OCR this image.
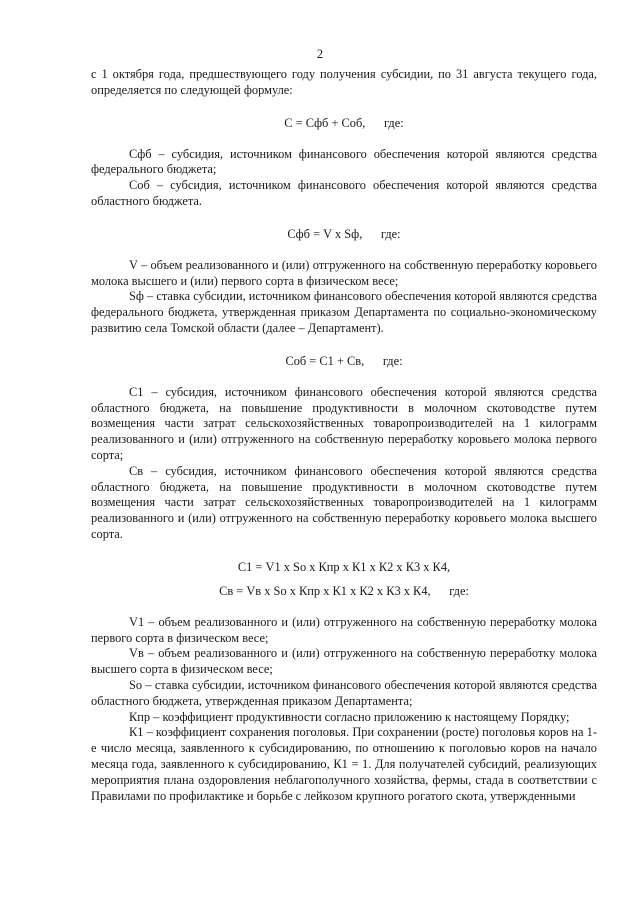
2

с 1 октября года, предшествующего году получения субсидии, по 31 августа текущего года, определяется по следующей формуле:

С = Сфб + Соб,      где:

Сфб – субсидия, источником финансового обеспечения которой являются средства федерального бюджета;

Соб – субсидия, источником финансового обеспечения которой являются средства областного бюджета.

Сфб = V x Sф,      где:

V – объем реализованного и (или) отгруженного на собственную переработку коровьего молока высшего и (или) первого сорта в физическом весе;

Sф – ставка субсидии, источником финансового обеспечения которой являются средства федерального бюджета, утвержденная приказом Департамента по социально-экономическому развитию села Томской области (далее – Департамент).

Соб = С1 + Св,      где:

С1 – субсидия, источником финансового обеспечения которой являются средства областного бюджета, на повышение продуктивности в молочном скотоводстве путем возмещения части затрат сельскохозяйственных товаропроизводителей на 1 килограмм реализованного и (или) отгруженного на собственную переработку коровьего молока первого сорта;

Св – субсидия, источником финансового обеспечения которой являются средства областного бюджета, на повышение продуктивности в молочном скотоводстве путем возмещения части затрат сельскохозяйственных товаропроизводителей на 1 килограмм реализованного и (или) отгруженного на собственную переработку коровьего молока высшего сорта.

С1 = V1 x So x Кпр x К1 x К2 x К3 x К4,

Св = Vв x So x Кпр x К1 x К2 x К3 x К4,      где:

V1 – объем реализованного и (или) отгруженного на собственную переработку молока первого сорта в физическом весе;

Vв – объем реализованного и (или) отгруженного на собственную переработку молока высшего сорта в физическом весе;

So – ставка субсидии, источником финансового обеспечения которой являются средства областного бюджета, утвержденная приказом Департамента;

Кпр – коэффициент продуктивности согласно приложению к настоящему Порядку;

К1 – коэффициент сохранения поголовья. При сохранении (росте) поголовья коров на 1-е число месяца, заявленного к субсидированию, по отношению к поголовью коров на начало месяца года, заявленного к субсидированию, К1 = 1. Для получателей субсидий, реализующих мероприятия плана оздоровления неблагополучного хозяйства, фермы, стада в соответствии с Правилами по профилактике и борьбе с лейкозом крупного рогатого скота, утвержденными
